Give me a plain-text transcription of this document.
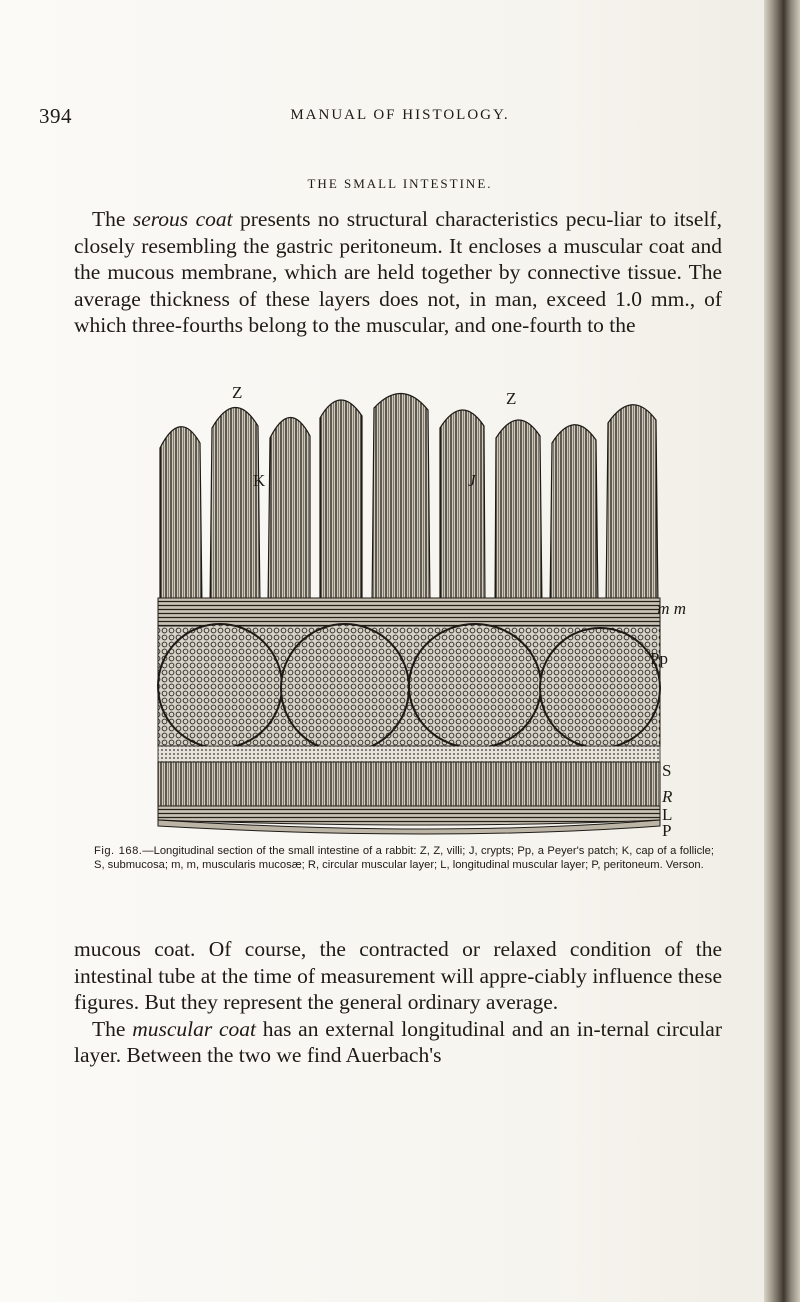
394	MANUAL OF HISTOLOGY.
THE SMALL INTESTINE.
The serous coat presents no structural characteristics pecu-liar to itself, closely resembling the gastric peritoneum. It encloses a muscular coat and the mucous membrane, which are held together by connective tissue. The average thickness of these layers does not, in man, exceed 1.0 mm., of which three-fourths belong to the muscular, and one-fourth to the
Z	Z
K	J
m m
Pp
S
R
L
P
Fig. 168.—Longitudinal section of the small intestine of a rabbit: Z, Z, villi; J, crypts; Pp, a Peyer's patch; K, cap of a follicle; S, submucosa; m, m, muscularis mucosæ; R, circular muscular layer; L, longitudinal muscular layer; P, peritoneum. Verson.
mucous coat. Of course, the contracted or relaxed condition of the intestinal tube at the time of measurement will appre-ciably influence these figures. But they represent the general ordinary average.
The muscular coat has an external longitudinal and an in-ternal circular layer. Between the two we find Auerbach's
